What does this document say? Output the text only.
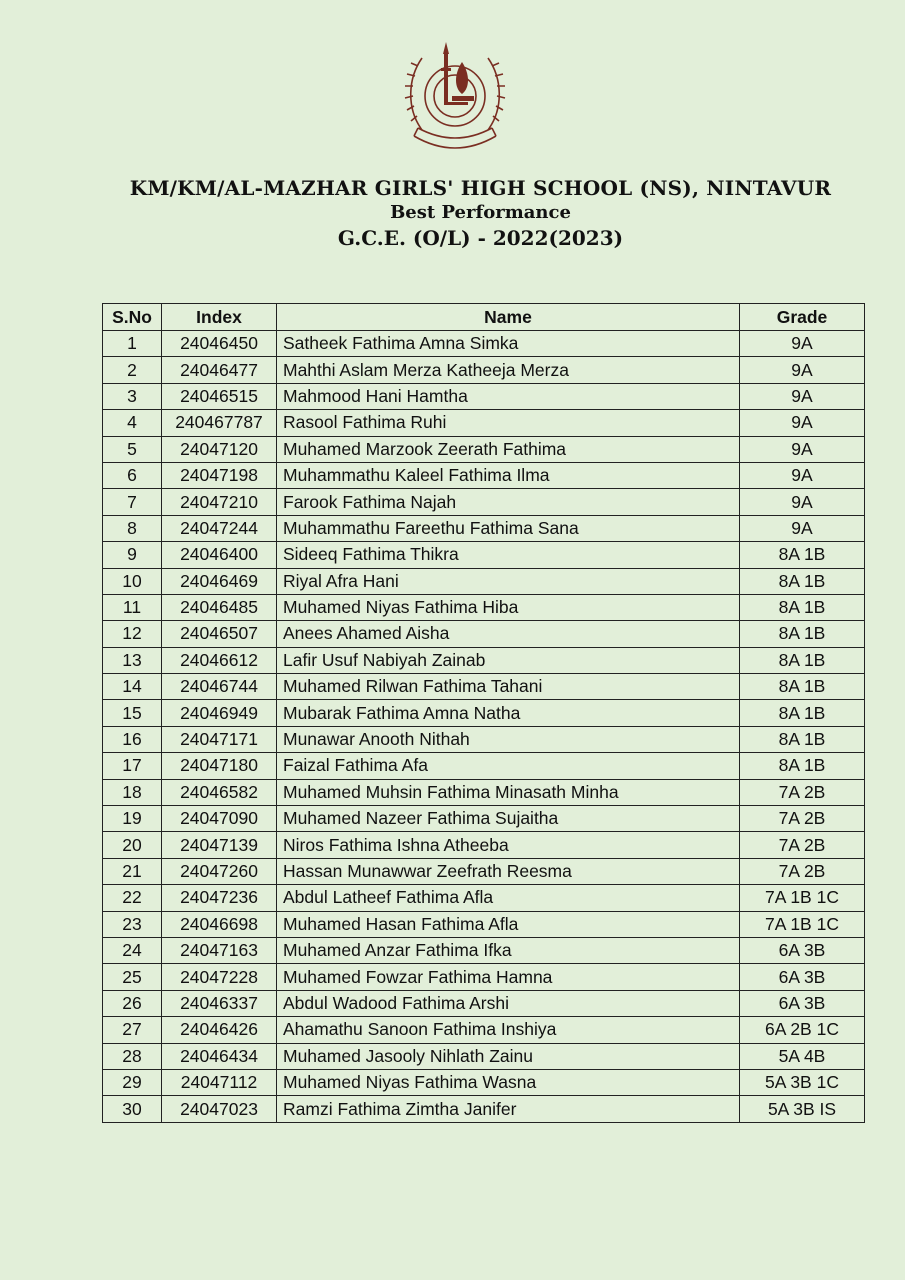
KM/KM/AL-MAZHAR GIRLS' HIGH SCHOOL (NS), NINTAVUR
Best Performance
G.C.E. (O/L) - 2022(2023)
S.No	Index	Name	Grade
1	24046450	Satheek Fathima Amna Simka	9A
2	24046477	Mahthi Aslam Merza Katheeja Merza	9A
3	24046515	Mahmood Hani Hamtha	9A
4	240467787	Rasool Fathima Ruhi	9A
5	24047120	Muhamed Marzook Zeerath Fathima	9A
6	24047198	Muhammathu Kaleel Fathima Ilma	9A
7	24047210	Farook Fathima Najah	9A
8	24047244	Muhammathu Fareethu Fathima Sana	9A
9	24046400	Sideeq Fathima Thikra	8A 1B
10	24046469	Riyal Afra Hani	8A 1B
11	24046485	Muhamed Niyas Fathima Hiba	8A 1B
12	24046507	Anees Ahamed Aisha	8A 1B
13	24046612	Lafir Usuf Nabiyah Zainab	8A 1B
14	24046744	Muhamed Rilwan Fathima Tahani	8A 1B
15	24046949	Mubarak Fathima Amna Natha	8A 1B
16	24047171	Munawar Anooth Nithah	8A 1B
17	24047180	Faizal Fathima Afa	8A 1B
18	24046582	Muhamed Muhsin Fathima Minasath Minha	7A 2B
19	24047090	Muhamed Nazeer Fathima Sujaitha	7A 2B
20	24047139	Niros Fathima Ishna Atheeba	7A 2B
21	24047260	Hassan Munawwar Zeefrath Reesma	7A 2B
22	24047236	Abdul Latheef Fathima Afla	7A 1B 1C
23	24046698	Muhamed Hasan Fathima Afla	7A 1B 1C
24	24047163	Muhamed Anzar Fathima Ifka	6A 3B
25	24047228	Muhamed Fowzar Fathima Hamna	6A 3B
26	24046337	Abdul Wadood Fathima Arshi	6A 3B
27	24046426	Ahamathu Sanoon Fathima Inshiya	6A 2B 1C
28	24046434	Muhamed Jasooly Nihlath Zainu	5A 4B
29	24047112	Muhamed Niyas Fathima Wasna	5A 3B 1C
30	24047023	Ramzi Fathima Zimtha Janifer	5A 3B IS
